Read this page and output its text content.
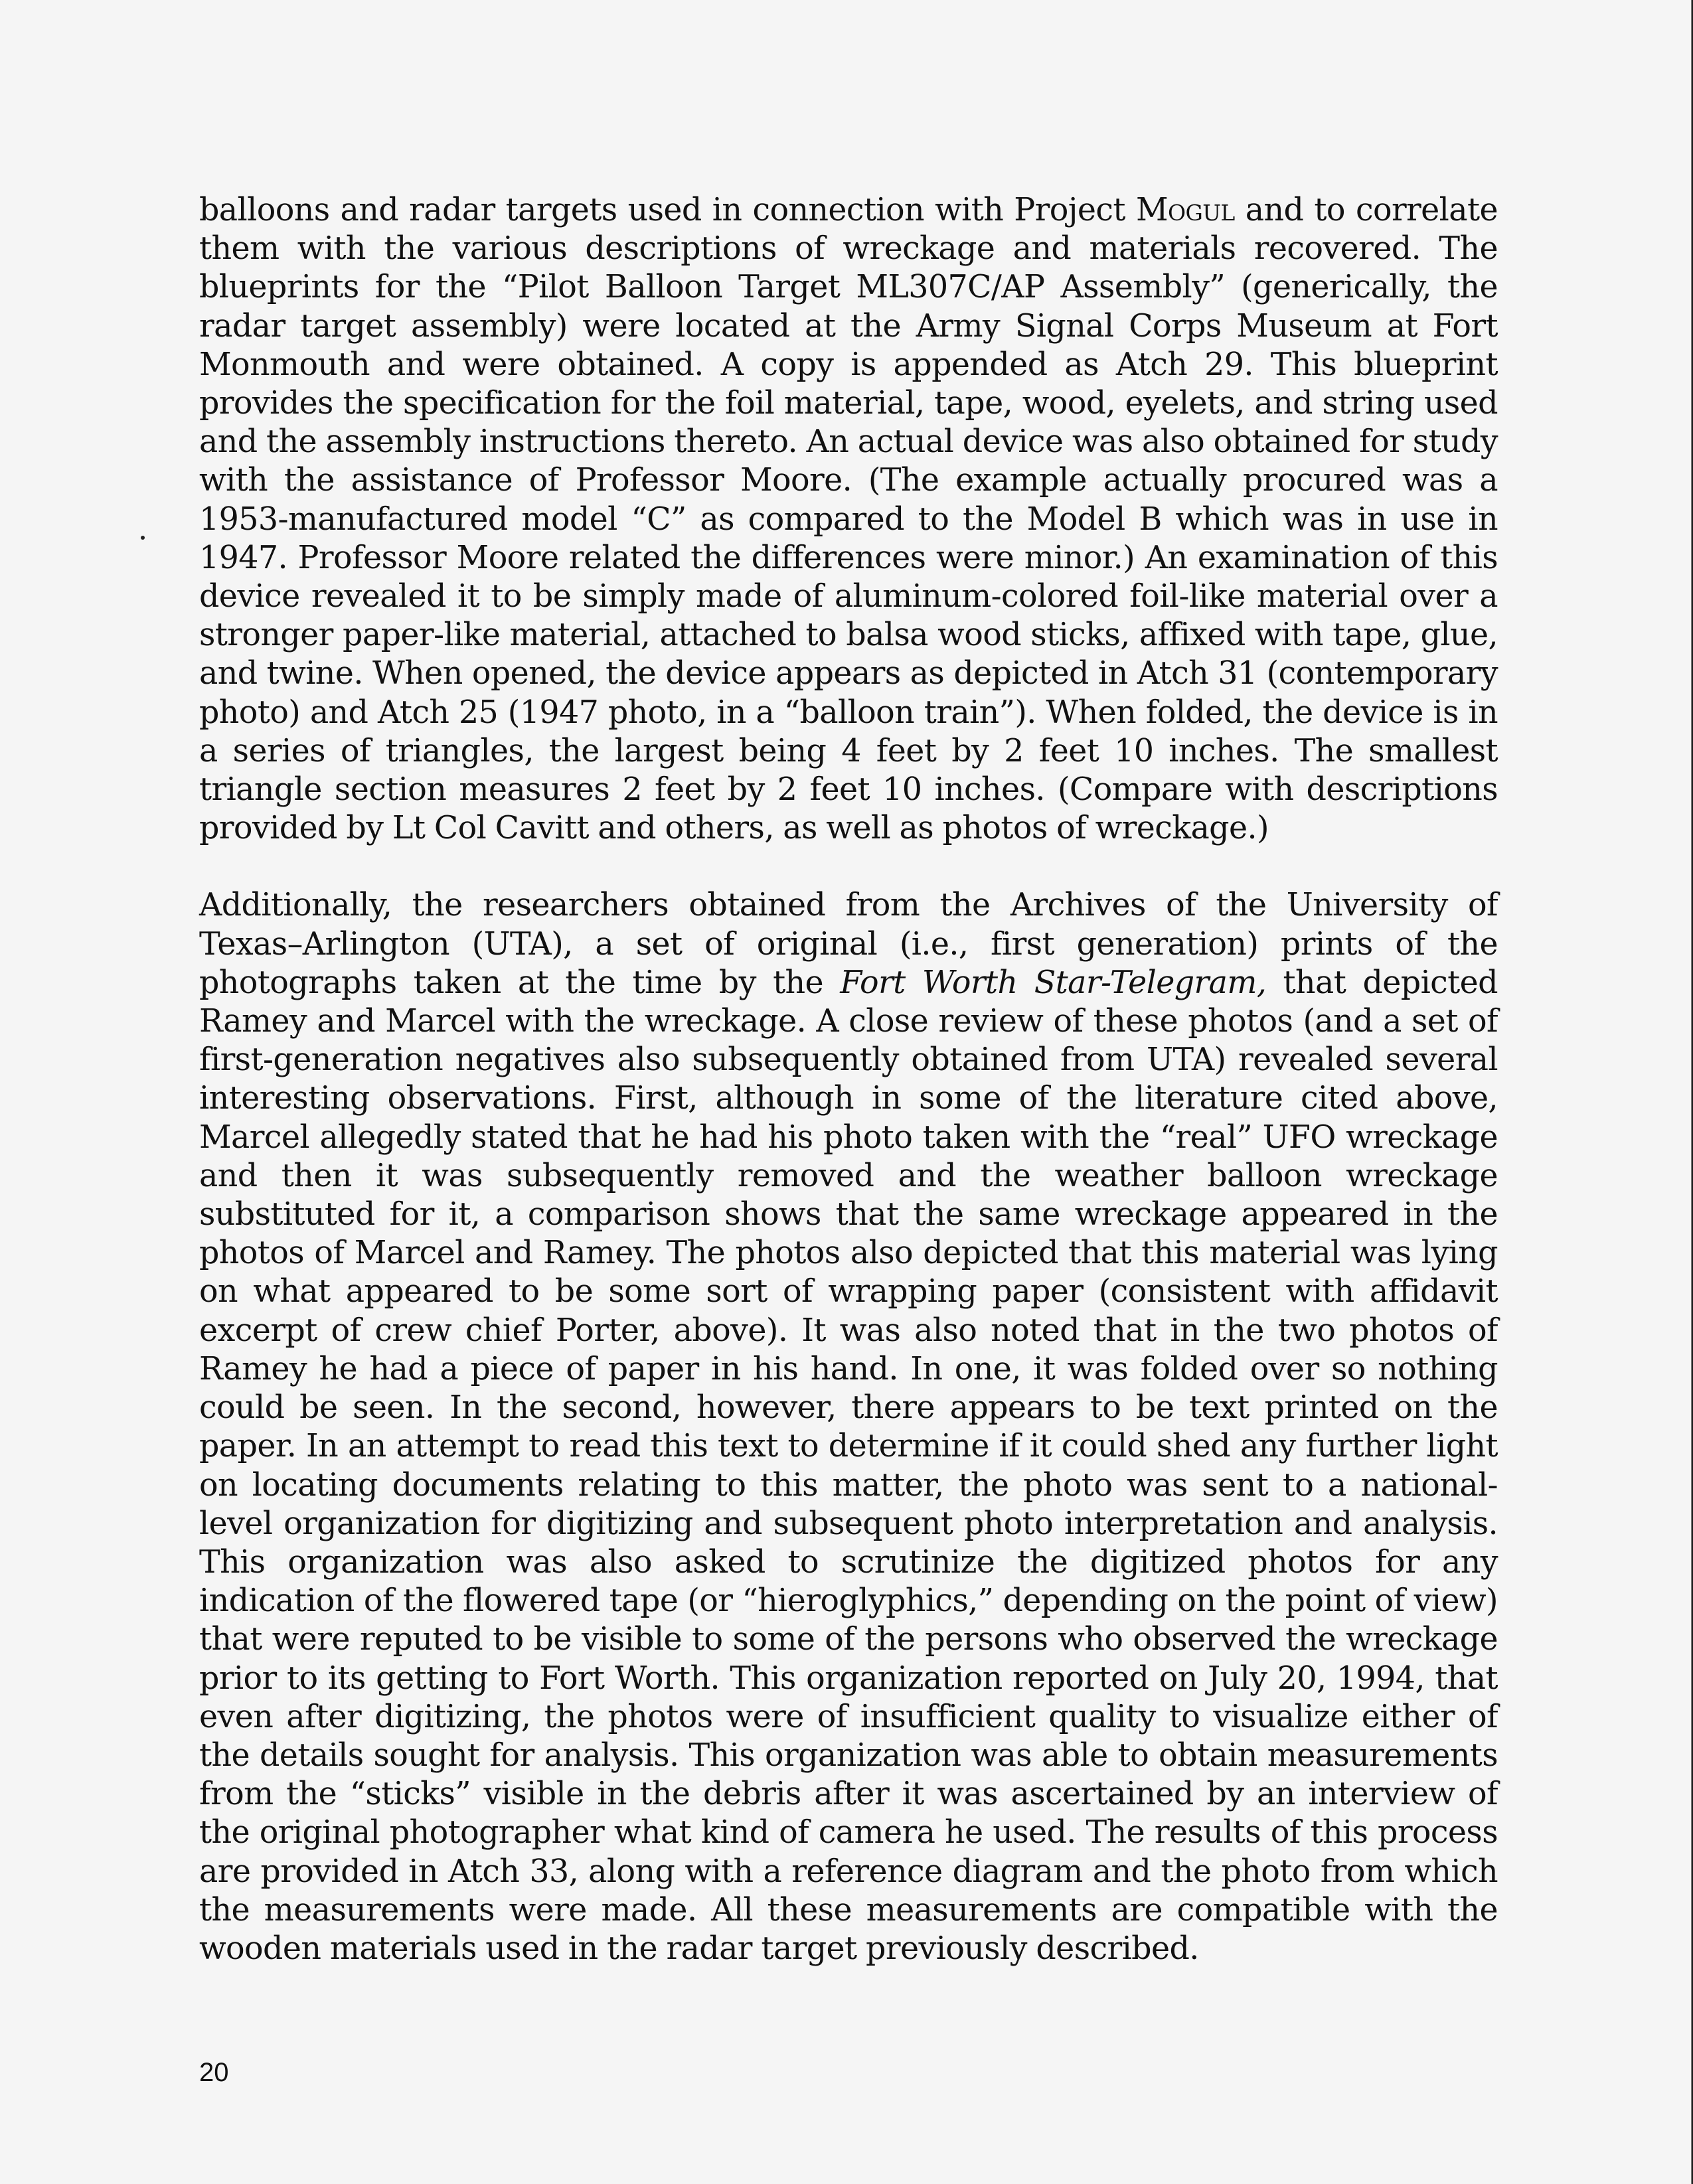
balloons and radar targets used in connection with Project Mogul and to correlate them with the various descriptions of wreckage and materials recovered. The blueprints for the “Pilot Balloon Target ML307C/AP Assembly” (generically, the radar target assembly) were located at the Army Signal Corps Museum at Fort Monmouth and were obtained. A copy is appended as Atch 29. This blueprint provides the specification for the foil material, tape, wood, eyelets, and string used and the assembly instructions thereto. An actual device was also obtained for study with the assistance of Professor Moore. (The example actually procured was a 1953-manufactured model “C” as compared to the Model B which was in use in 1947. Professor Moore related the differences were minor.) An examination of this device revealed it to be simply made of aluminum-colored foil-like material over a stronger paper-like material, attached to balsa wood sticks, affixed with tape, glue, and twine. When opened, the device appears as depicted in Atch 31 (contemporary photo) and Atch 25 (1947 photo, in a “balloon train”). When folded, the device is in a series of triangles, the largest being 4 feet by 2 feet 10 inches. The smallest triangle section measures 2 feet by 2 feet 10 inches. (Compare with descriptions provided by Lt Col Cavitt and others, as well as photos of wreckage.)

Additionally, the researchers obtained from the Archives of the University of Texas–Arlington (UTA), a set of original (i.e., first generation) prints of the photographs taken at the time by the Fort Worth Star-Telegram, that depicted Ramey and Marcel with the wreckage. A close review of these photos (and a set of first-generation negatives also subsequently obtained from UTA) revealed several interesting observations. First, although in some of the literature cited above, Marcel allegedly stated that he had his photo taken with the “real” UFO wreckage and then it was subsequently removed and the weather balloon wreckage substituted for it, a comparison shows that the same wreckage appeared in the photos of Marcel and Ramey. The photos also depicted that this material was lying on what appeared to be some sort of wrapping paper (consistent with affidavit excerpt of crew chief Porter, above). It was also noted that in the two photos of Ramey he had a piece of paper in his hand. In one, it was folded over so nothing could be seen. In the second, however, there appears to be text printed on the paper. In an attempt to read this text to determine if it could shed any further light on locating documents relating to this matter, the photo was sent to a national-level organization for digitizing and subsequent photo interpretation and analysis. This organization was also asked to scrutinize the digitized photos for any indication of the flowered tape (or “hieroglyphics,” depending on the point of view) that were reputed to be visible to some of the persons who observed the wreckage prior to its getting to Fort Worth. This organization reported on July 20, 1994, that even after digitizing, the photos were of insufficient quality to visualize either of the details sought for analysis. This organization was able to obtain measurements from the “sticks” visible in the debris after it was ascertained by an interview of the original photographer what kind of camera he used. The results of this process are provided in Atch 33, along with a reference diagram and the photo from which the measurements were made. All these measurements are compatible with the wooden materials used in the radar target previously described.

20
